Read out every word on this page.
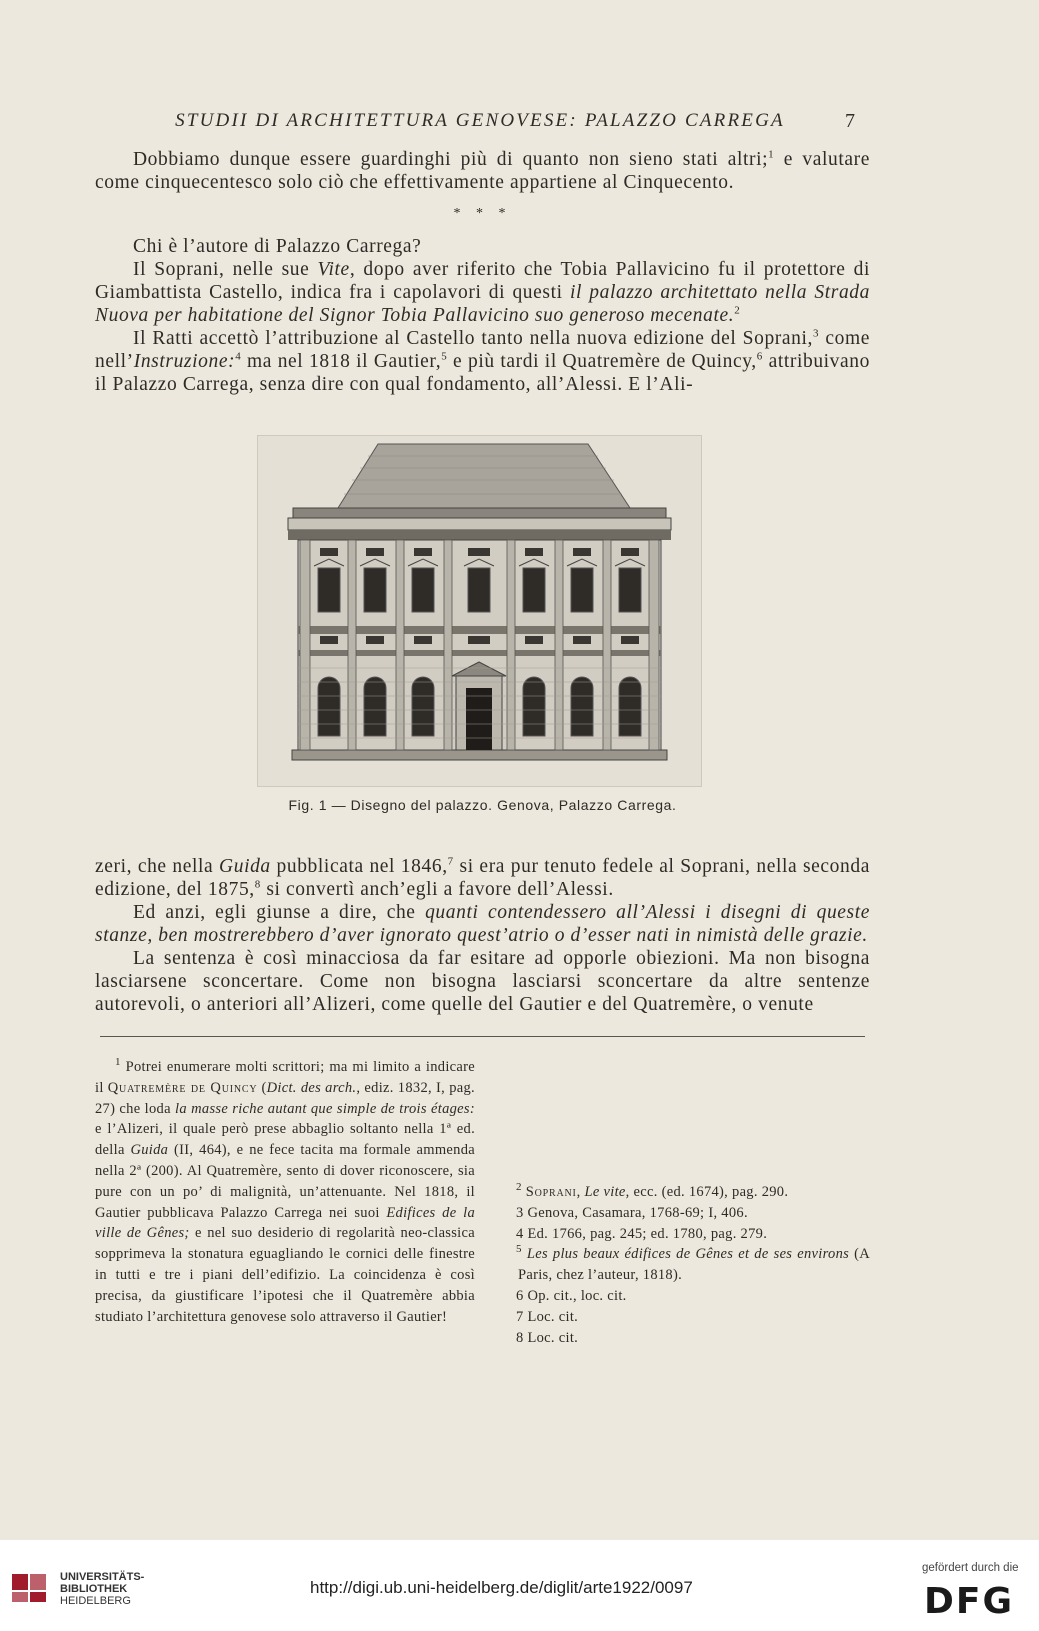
STUDII DI ARCHITETTURA GENOVESE: PALAZZO CARREGA	7

Dobbiamo dunque essere guardinghi più di quanto non sieno stati altri;$^1$ e valutare come cinquecentesco solo ciò che effettivamente appartiene al Cinquecento.

* * *

Chi è l’autore di Palazzo Carrega?

Il Soprani, nelle sue Vite, dopo aver riferito che Tobia Pallavicino fu il protettore di Giambattista Castello, indica fra i capolavori di questi il palazzo architettato nella Strada Nuova per habitatione del Signor Tobia Pallavicino suo generoso mecenate.$^2$

Il Ratti accettò l’attribuzione al Castello tanto nella nuova edizione del Soprani,$^3$ come nell’Instruzione:$^4$ ma nel 1818 il Gautier,$^5$ e più tardi il Quatremère de Quincy,$^6$ attribuivano il Palazzo Carrega, senza dire con qual fondamento, all’Alessi. E l’Ali-

Fig. 1 — Disegno del palazzo. Genova, Palazzo Carrega.

zeri, che nella Guida pubblicata nel 1846,$^7$ si era pur tenuto fedele al Soprani, nella seconda edizione, del 1875,$^8$ si convertì anch’egli a favore dell’Alessi.

Ed anzi, egli giunse a dire, che quanti contendessero all’Alessi i disegni di queste stanze, ben mostrerebbero d’aver ignorato quest’atrio o d’esser nati in nimistà delle grazie.

La sentenza è così minacciosa da far esitare ad opporle obiezioni. Ma non bisogna lasciarsene sconcertare. Come non bisogna lasciarsi sconcertare da altre sentenze autorevoli, o anteriori all’Alizeri, come quelle del Gautier e del Quatremère, o venute

$^1$ Potrei enumerare molti scrittori; ma mi limito a indicare il Quatremère de Quincy (Dict. des arch., ediz. 1832, I, pag. 27) che loda la masse riche autant que simple de trois étages: e l’Alizeri, il quale però prese abbaglio soltanto nella 1ª ed. della Guida (II, 464), e ne fece tacita ma formale ammenda nella 2ª (200). Al Quatremère, sento di dover riconoscere, sia pure con un po’ di malignità, un’attenuante. Nel 1818, il Gautier pubblicava Palazzo Carrega nei suoi Edifices de la ville de Gênes; e nel suo desiderio di regolarità neo-classica sopprimeva la stonatura eguagliando le cornici delle finestre in tutti e tre i piani dell’edifizio. La coincidenza è così precisa, da giustificare l’ipotesi che il Quatremère abbia studiato l’architettura genovese solo attraverso il Gautier!

$^2$ Soprani, Le vite, ecc. (ed. 1674), pag. 290.

3 Genova, Casamara, 1768-69; I, 406.

4 Ed. 1766, pag. 245; ed. 1780, pag. 279.

$^5$ Les plus beaux édifices de Gênes et de ses environs (A Paris, chez l’auteur, 1818).

6 Op. cit., loc. cit.

7 Loc. cit.

8 Loc. cit.

UNIVERSITÄTS-
BIBLIOTHEK
HEIDELBERG
http://digi.ub.uni-heidelberg.de/diglit/arte1922/0097
gefördert durch die
DFG
